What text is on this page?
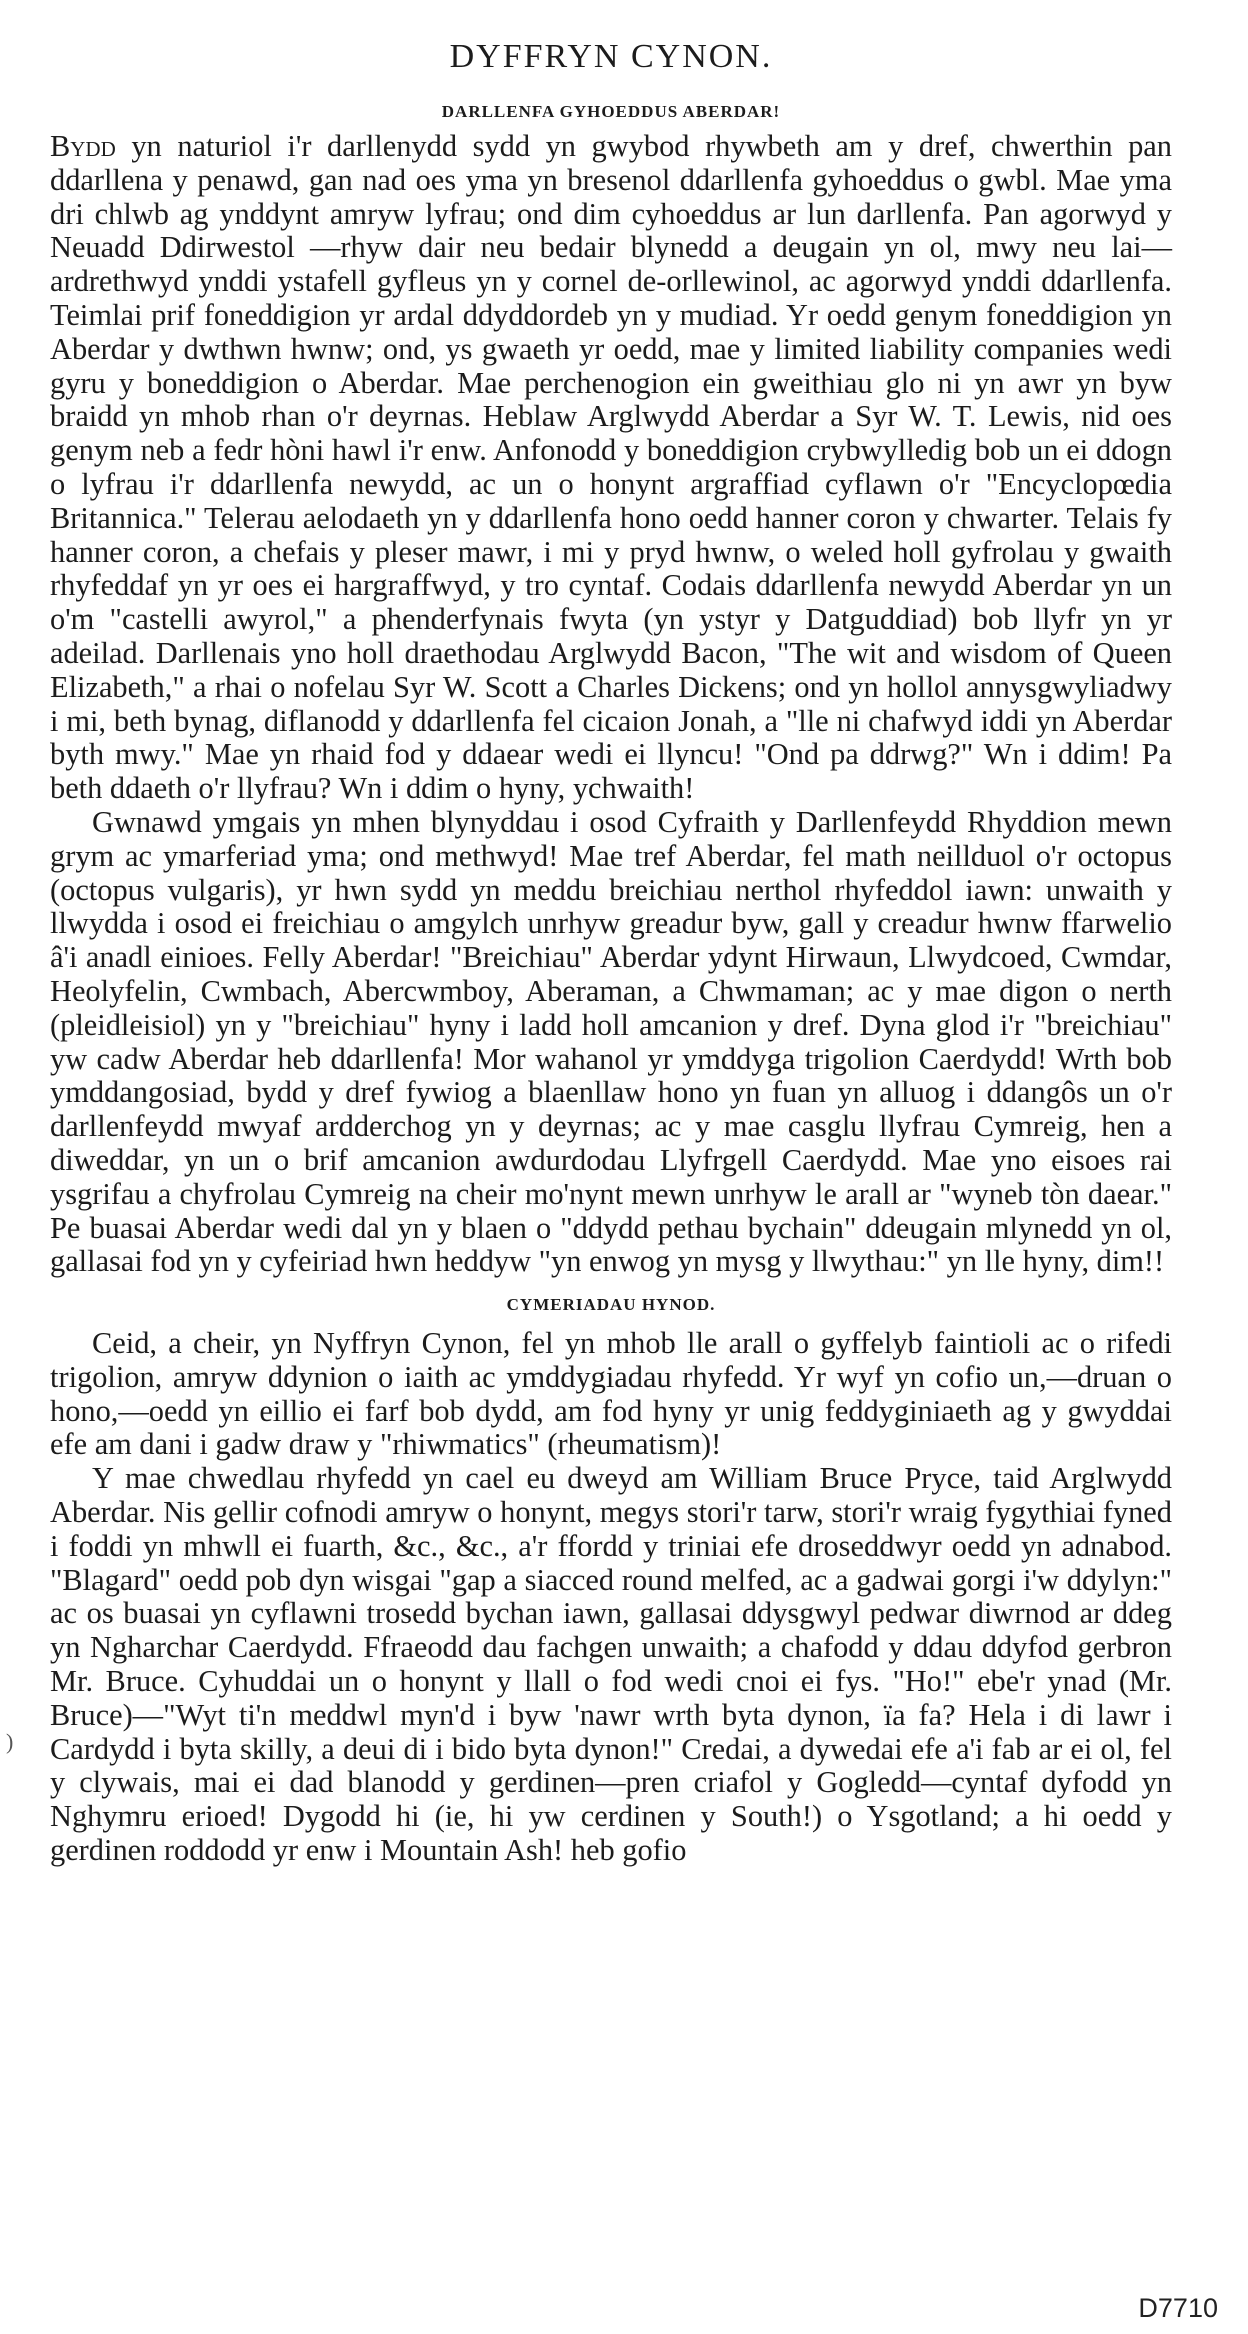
DYFFRYN CYNON.
DARLLENFA GYHOEDDUS ABERDAR!

Bydd yn naturiol i'r darllenydd sydd yn gwybod rhywbeth am y dref, chwerthin pan ddarllena y penawd, gan nad oes yma yn bresenol ddarllenfa gyhoeddus o gwbl. Mae yma dri chlwb ag ynddynt amryw lyfrau; ond dim cyhoeddus ar lun darllenfa. Pan agorwyd y Neuadd Ddirwestol —rhyw dair neu bedair blynedd a deugain yn ol, mwy neu lai—ardrethwyd ynddi ystafell gyfleus yn y cornel de-orllewinol, ac agorwyd ynddi ddarllenfa. Teimlai prif foneddigion yr ardal ddyddordeb yn y mudiad. Yr oedd genym foneddigion yn Aberdar y dwthwn hwnw; ond, ys gwaeth yr oedd, mae y limited liability companies wedi gyru y boneddigion o Aberdar. Mae perchenogion ein gweithiau glo ni yn awr yn byw braidd yn mhob rhan o'r deyrnas. Heblaw Arglwydd Aberdar a Syr W. T. Lewis, nid oes genym neb a fedr hòni hawl i'r enw. Anfonodd y boneddigion crybwylledig bob un ei ddogn o lyfrau i'r ddarllenfa newydd, ac un o honynt argraffiad cyflawn o'r "Encyclopœdia Britannica." Telerau aelodaeth yn y ddarllenfa hono oedd hanner coron y chwarter. Telais fy hanner coron, a chefais y pleser mawr, i mi y pryd hwnw, o weled holl gyfrolau y gwaith rhyfeddaf yn yr oes ei hargraffwyd, y tro cyntaf. Codais ddarllenfa newydd Aberdar yn un o'm "castelli awyrol," a phenderfynais fwyta (yn ystyr y Datguddiad) bob llyfr yn yr adeilad. Darllenais yno holl draethodau Arglwydd Bacon, "The wit and wisdom of Queen Elizabeth," a rhai o nofelau Syr W. Scott a Charles Dickens; ond yn hollol annysgwyliadwy i mi, beth bynag, diflanodd y ddarllenfa fel cicaion Jonah, a "lle ni chafwyd iddi yn Aberdar byth mwy." Mae yn rhaid fod y ddaear wedi ei llyncu! "Ond pa ddrwg?" Wn i ddim! Pa beth ddaeth o'r llyfrau? Wn i ddim o hyny, ychwaith!

Gwnawd ymgais yn mhen blynyddau i osod Cyfraith y Darllenfeydd Rhyddion mewn grym ac ymarferiad yma; ond methwyd! Mae tref Aberdar, fel math neillduol o'r octopus (octopus vulgaris), yr hwn sydd yn meddu breichiau nerthol rhyfeddol iawn: unwaith y llwydda i osod ei freichiau o amgylch unrhyw greadur byw, gall y creadur hwnw ffarwelio â'i anadl einioes. Felly Aberdar! "Breichiau" Aberdar ydynt Hirwaun, Llwydcoed, Cwmdar, Heolyfelin, Cwmbach, Abercwmboy, Aberaman, a Chwmaman; ac y mae digon o nerth (pleidleisiol) yn y "breichiau" hyny i ladd holl amcanion y dref. Dyna glod i'r "breichiau" yw cadw Aberdar heb ddarllenfa! Mor wahanol yr ymddyga trigolion Caerdydd! Wrth bob ymddangosiad, bydd y dref fywiog a blaenllaw hono yn fuan yn alluog i ddangôs un o'r darllenfeydd mwyaf ardderchog yn y deyrnas; ac y mae casglu llyfrau Cymreig, hen a diweddar, yn un o brif amcanion awdurdodau Llyfrgell Caerdydd. Mae yno eisoes rai ysgrifau a chyfrolau Cymreig na cheir mo'nynt mewn unrhyw le arall ar "wyneb tòn daear." Pe buasai Aberdar wedi dal yn y blaen o "ddydd pethau bychain" ddeugain mlynedd yn ol, gallasai fod yn y cyfeiriad hwn heddyw "yn enwog yn mysg y llwythau:" yn lle hyny, dim!!

CYMERIADAU HYNOD.

Ceid, a cheir, yn Nyffryn Cynon, fel yn mhob lle arall o gyffelyb faintioli ac o rifedi trigolion, amryw ddynion o iaith ac ymddygiadau rhyfedd. Yr wyf yn cofio un,—druan o hono,—oedd yn eillio ei farf bob dydd, am fod hyny yr unig feddyginiaeth ag y gwyddai efe am dani i gadw draw y "rhiwmatics" (rheumatism)!

Y mae chwedlau rhyfedd yn cael eu dweyd am William Bruce Pryce, taid Arglwydd Aberdar. Nis gellir cofnodi amryw o honynt, megys stori'r tarw, stori'r wraig fygythiai fyned i foddi yn mhwll ei fuarth, &c., &c., a'r ffordd y triniai efe droseddwyr oedd yn adnabod. "Blagard" oedd pob dyn wisgai "gap a siacced round melfed, ac a gadwai gorgi i'w ddylyn:" ac os buasai yn cyflawni trosedd bychan iawn, gallasai ddysgwyl pedwar diwrnod ar ddeg yn Ngharchar Caerdydd. Ffraeodd dau fachgen unwaith; a chafodd y ddau ddyfod gerbron Mr. Bruce. Cyhuddai un o honynt y llall o fod wedi cnoi ei fys. "Ho!" ebe'r ynad (Mr. Bruce)—"Wyt ti'n meddwl myn'd i byw 'nawr wrth byta dynon, ïa fa? Hela i di lawr i Cardydd i byta skilly, a deui di i bido byta dynon!" Credai, a dywedai efe a'i fab ar ei ol, fel y clywais, mai ei dad blanodd y gerdinen—pren criafol y Gogledd—cyntaf dyfodd yn Nghymru erioed! Dygodd hi (ie, hi yw cerdinen y South!) o Ysgotland; a hi oedd y gerdinen roddodd yr enw i Mountain Ash! heb gofio

)
D7710
